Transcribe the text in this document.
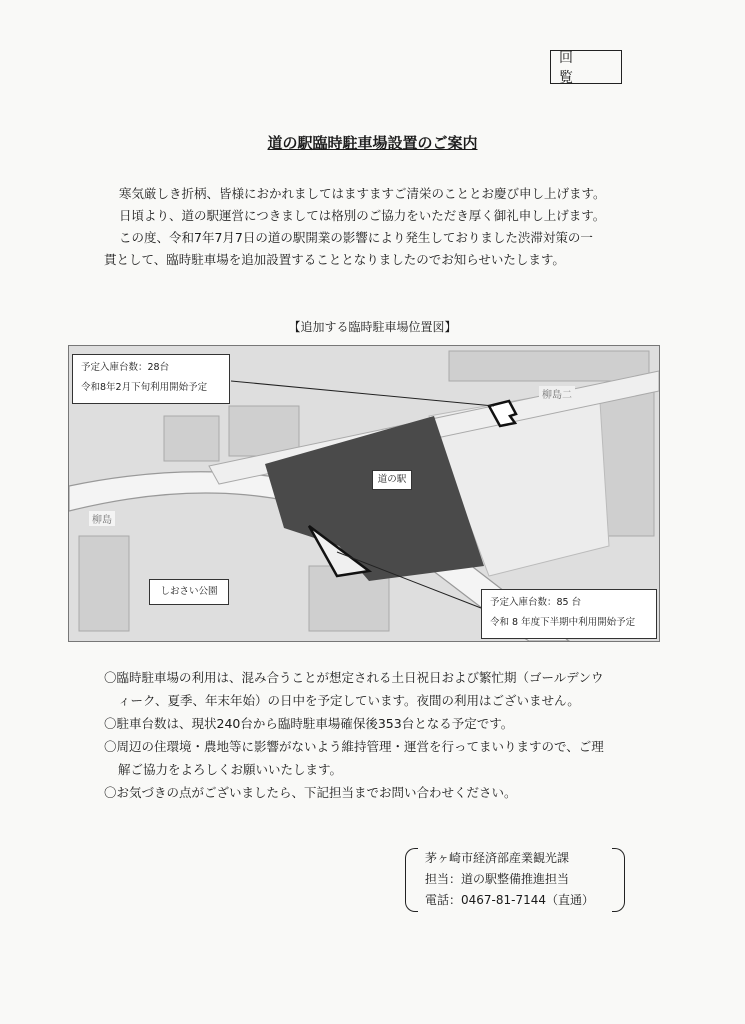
回 覧
道の駅臨時駐車場設置のご案内
寒気厳しき折柄、皆様におかれましてはますますご清栄のこととお慶び申し上げます。
日頃より、道の駅運営につきましては格別のご協力をいただき厚く御礼申し上げます。
この度、令和7年7月7日の道の駅開業の影響により発生しておりました渋滞対策の一
貫として、臨時駐車場を追加設置することとなりましたのでお知らせいたします。
【追加する臨時駐車場位置図】
予定入庫台数：28台
令和8年2月下旬利用開始予定
予定入庫台数：85 台
令和 8 年度下半期中利用開始予定
道の駅
しおさい公園
柳島
柳島二
〇臨時駐車場の利用は、混み合うことが想定される土日祝日および繁忙期（ゴールデンウ
ィーク、夏季、年末年始）の日中を予定しています。夜間の利用はございません。
〇駐車台数は、現状240台から臨時駐車場確保後353台となる予定です。
〇周辺の住環境・農地等に影響がないよう維持管理・運営を行ってまいりますので、ご理
解ご協力をよろしくお願いいたします。
〇お気づきの点がございましたら、下記担当までお問い合わせください。
茅ヶ崎市経済部産業観光課
担当：道の駅整備推進担当
電話：0467-81-7144（直通）
